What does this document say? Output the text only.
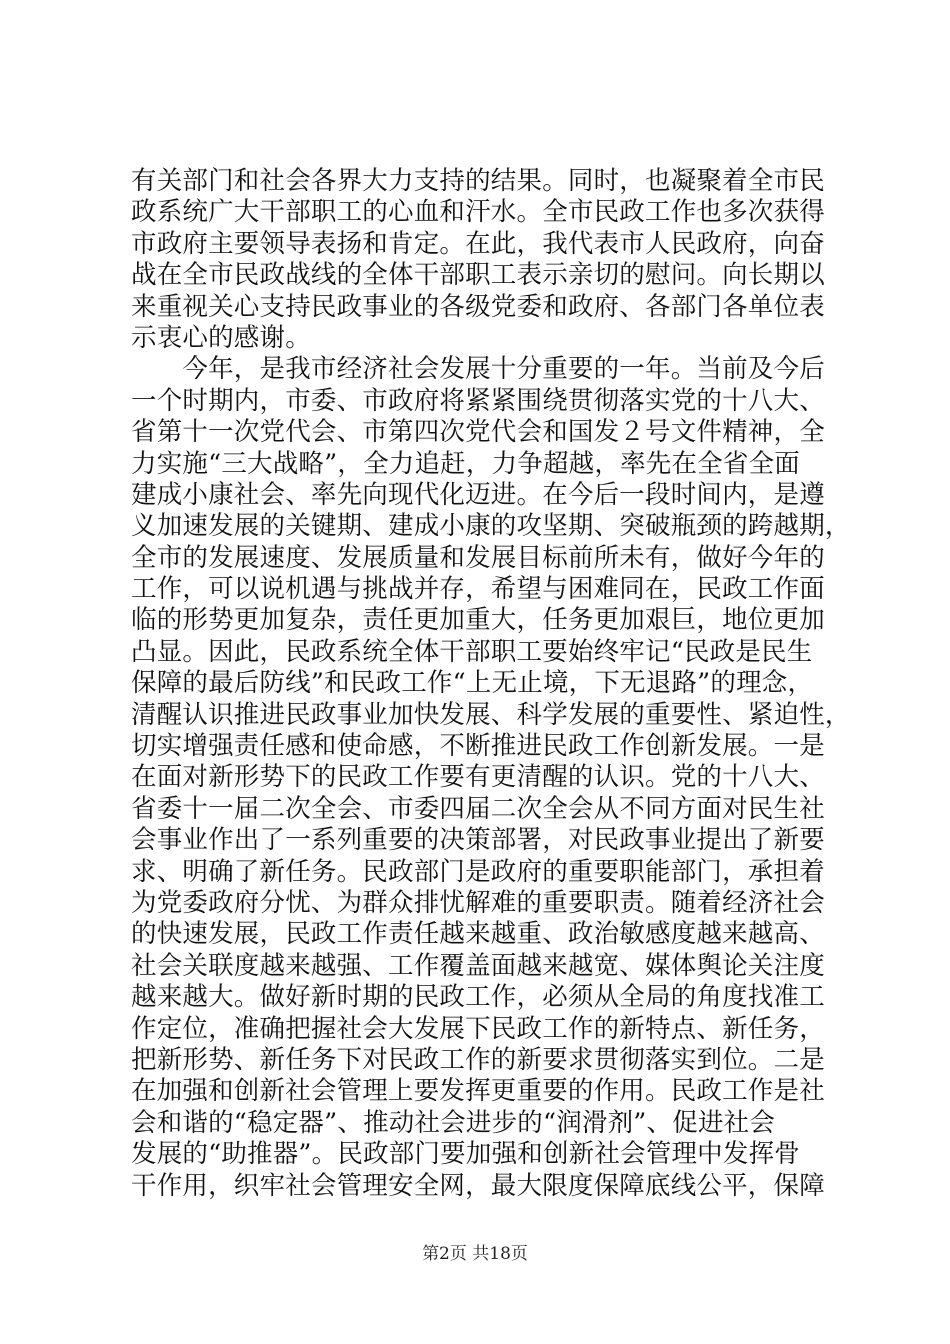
有关部门和社会各界大力支持的结果。同时，也凝聚着全市民
政系统广大干部职工的心血和汗水。全市民政工作也多次获得
市政府主要领导表扬和肯定。在此，我代表市人民政府，向奋
战在全市民政战线的全体干部职工表示亲切的慰问。向长期以
来重视关心支持民政事业的各级党委和政府、各部门各单位表
示衷心的感谢。
　　今年，是我市经济社会发展十分重要的一年。当前及今后
一个时期内，市委、市政府将紧紧围绕贯彻落实党的十八大、
省第十一次党代会、市第四次党代会和国发２号文件精神，全
力实施“三大战略”，全力追赶，力争超越，率先在全省全面
建成小康社会、率先向现代化迈进。在今后一段时间内，是遵
义加速发展的关键期、建成小康的攻坚期、突破瓶颈的跨越期，
全市的发展速度、发展质量和发展目标前所未有，做好今年的
工作，可以说机遇与挑战并存，希望与困难同在，民政工作面
临的形势更加复杂，责任更加重大，任务更加艰巨，地位更加
凸显。因此，民政系统全体干部职工要始终牢记“民政是民生
保障的最后防线”和民政工作“上无止境，下无退路”的理念，
清醒认识推进民政事业加快发展、科学发展的重要性、紧迫性，
切实增强责任感和使命感，不断推进民政工作创新发展。一是
在面对新形势下的民政工作要有更清醒的认识。党的十八大、
省委十一届二次全会、市委四届二次全会从不同方面对民生社
会事业作出了一系列重要的决策部署，对民政事业提出了新要
求、明确了新任务。民政部门是政府的重要职能部门，承担着
为党委政府分忧、为群众排忧解难的重要职责。随着经济社会
的快速发展，民政工作责任越来越重、政治敏感度越来越高、
社会关联度越来越强、工作覆盖面越来越宽、媒体舆论关注度
越来越大。做好新时期的民政工作，必须从全局的角度找准工
作定位，准确把握社会大发展下民政工作的新特点、新任务，
把新形势、新任务下对民政工作的新要求贯彻落实到位。二是
在加强和创新社会管理上要发挥更重要的作用。民政工作是社
会和谐的“稳定器”、推动社会进步的“润滑剂”、促进社会
发展的“助推器”。民政部门要加强和创新社会管理中发挥骨
干作用，织牢社会管理安全网，最大限度保障底线公平，保障
第2页 共18页
